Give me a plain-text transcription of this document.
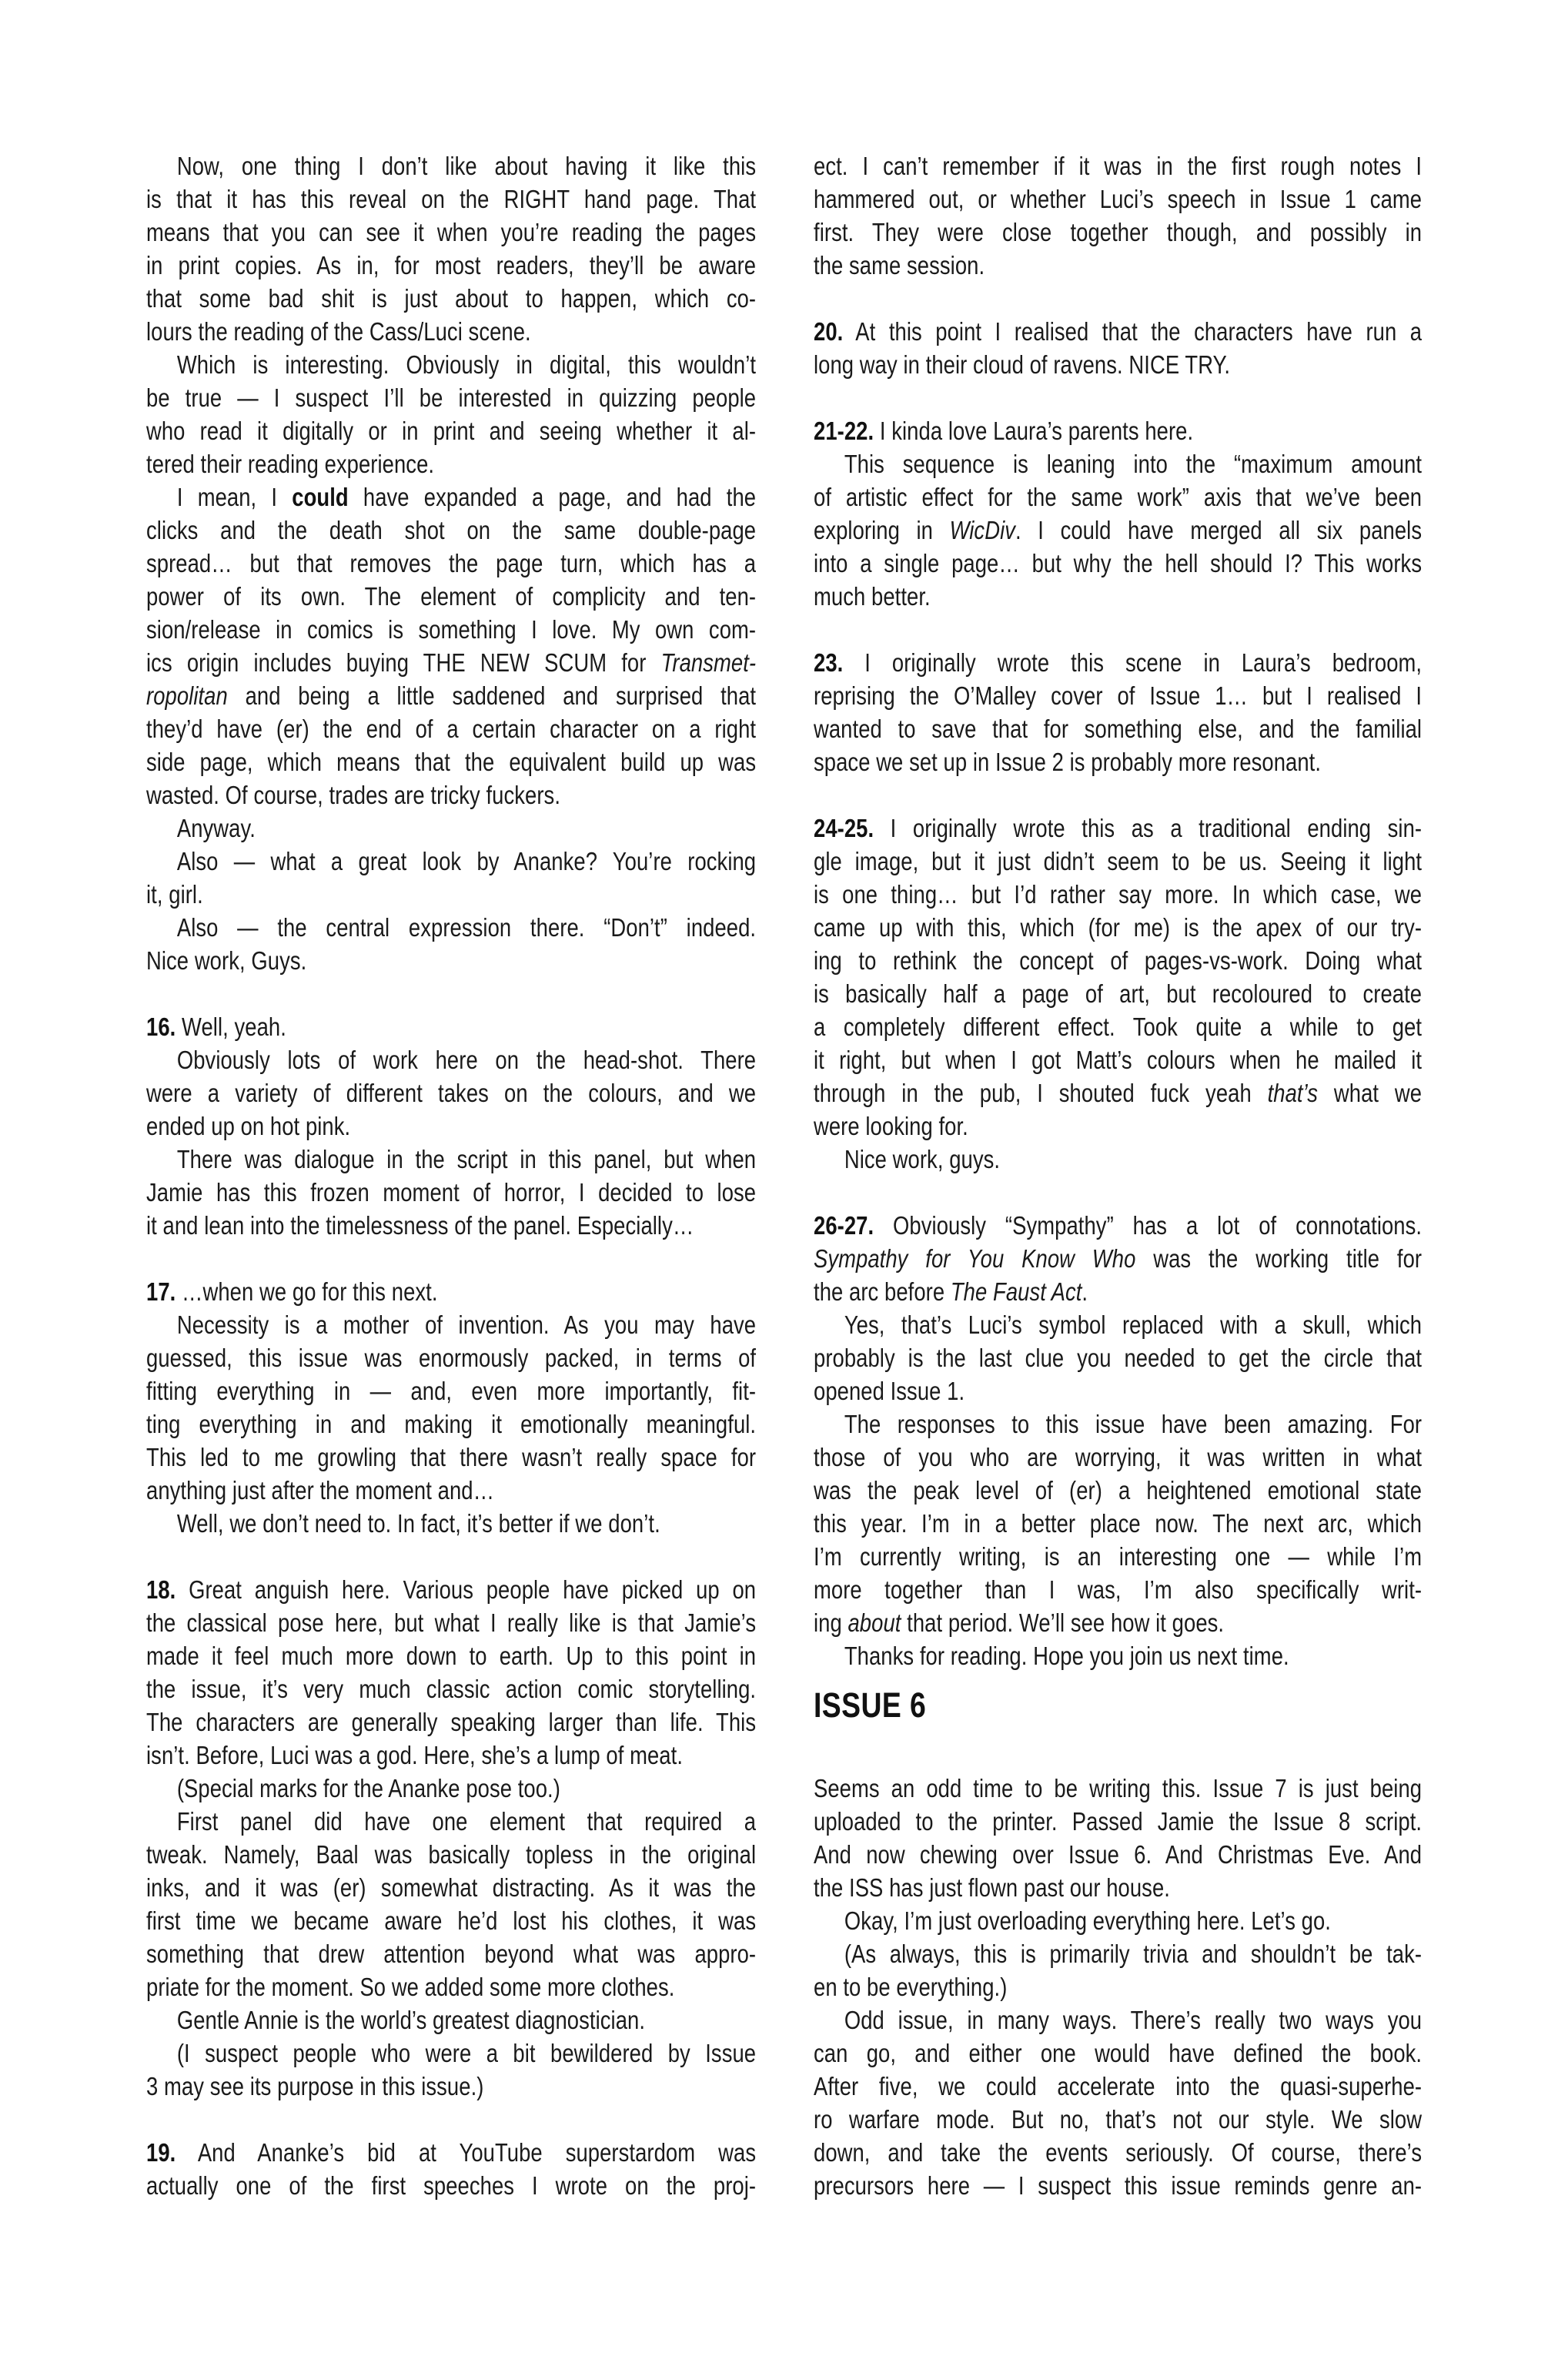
Now, one thing I don’t like about having it like this
is that it has this reveal on the RIGHT hand page. That
means that you can see it when you’re reading the pages
in print copies. As in, for most readers, they’ll be aware
that some bad shit is just about to happen, which co-
lours the reading of the Cass/Luci scene.
Which is interesting. Obviously in digital, this wouldn’t
be true — I suspect I’ll be interested in quizzing people
who read it digitally or in print and seeing whether it al-
tered their reading experience.
I mean, I could have expanded a page, and had the
clicks and the death shot on the same double-page
spread… but that removes the page turn, which has a
power of its own. The element of complicity and ten-
sion/release in comics is something I love. My own com-
ics origin includes buying THE NEW SCUM for Transmet-
ropolitan and being a little saddened and surprised that
they’d have (er) the end of a certain character on a right
side page, which means that the equivalent build up was
wasted. Of course, trades are tricky fuckers.
Anyway.
Also — what a great look by Ananke? You’re rocking
it, girl.
Also — the central expression there. “Don’t” indeed.
Nice work, Guys.
16. Well, yeah.
Obviously lots of work here on the head-shot. There
were a variety of different takes on the colours, and we
ended up on hot pink.
There was dialogue in the script in this panel, but when
Jamie has this frozen moment of horror, I decided to lose
it and lean into the timelessness of the panel. Especially…
17. …when we go for this next.
Necessity is a mother of invention. As you may have
guessed, this issue was enormously packed, in terms of
fitting everything in — and, even more importantly, fit-
ting everything in and making it emotionally meaningful.
This led to me growling that there wasn’t really space for
anything just after the moment and…
Well, we don’t need to. In fact, it’s better if we don’t.
18. Great anguish here. Various people have picked up on
the classical pose here, but what I really like is that Jamie’s
made it feel much more down to earth. Up to this point in
the issue, it’s very much classic action comic storytelling.
The characters are generally speaking larger than life. This
isn’t. Before, Luci was a god. Here, she’s a lump of meat.
(Special marks for the Ananke pose too.)
First panel did have one element that required a
tweak. Namely, Baal was basically topless in the original
inks, and it was (er) somewhat distracting. As it was the
first time we became aware he’d lost his clothes, it was
something that drew attention beyond what was appro-
priate for the moment. So we added some more clothes.
Gentle Annie is the world’s greatest diagnostician.
(I suspect people who were a bit bewildered by Issue
3 may see its purpose in this issue.)
19. And Ananke’s bid at YouTube superstardom was
actually one of the first speeches I wrote on the proj-
ect. I can’t remember if it was in the first rough notes I
hammered out, or whether Luci’s speech in Issue 1 came
first. They were close together though, and possibly in
the same session.
20. At this point I realised that the characters have run a
long way in their cloud of ravens. NICE TRY.
21-22. I kinda love Laura’s parents here.
This sequence is leaning into the “maximum amount
of artistic effect for the same work” axis that we’ve been
exploring in WicDiv. I could have merged all six panels
into a single page… but why the hell should I? This works
much better.
23. I originally wrote this scene in Laura’s bedroom,
reprising the O’Malley cover of Issue 1… but I realised I
wanted to save that for something else, and the familial
space we set up in Issue 2 is probably more resonant.
24-25. I originally wrote this as a traditional ending sin-
gle image, but it just didn’t seem to be us. Seeing it light
is one thing… but I’d rather say more. In which case, we
came up with this, which (for me) is the apex of our try-
ing to rethink the concept of pages-vs-work. Doing what
is basically half a page of art, but recoloured to create
a completely different effect. Took quite a while to get
it right, but when I got Matt’s colours when he mailed it
through in the pub, I shouted fuck yeah that’s what we
were looking for.
Nice work, guys.
26-27. Obviously “Sympathy” has a lot of connotations.
Sympathy for You Know Who was the working title for
the arc before The Faust Act.
Yes, that’s Luci’s symbol replaced with a skull, which
probably is the last clue you needed to get the circle that
opened Issue 1.
The responses to this issue have been amazing. For
those of you who are worrying, it was written in what
was the peak level of (er) a heightened emotional state
this year. I’m in a better place now. The next arc, which
I’m currently writing, is an interesting one — while I’m
more together than I was, I’m also specifically writ-
ing about that period. We’ll see how it goes.
Thanks for reading. Hope you join us next time.
ISSUE 6
Seems an odd time to be writing this. Issue 7 is just being
uploaded to the printer. Passed Jamie the Issue 8 script.
And now chewing over Issue 6. And Christmas Eve. And
the ISS has just flown past our house.
Okay, I’m just overloading everything here. Let’s go.
(As always, this is primarily trivia and shouldn’t be tak-
en to be everything.)
Odd issue, in many ways. There’s really two ways you
can go, and either one would have defined the book.
After five, we could accelerate into the quasi-superhe-
ro warfare mode. But no, that’s not our style. We slow
down, and take the events seriously. Of course, there’s
precursors here — I suspect this issue reminds genre an-
